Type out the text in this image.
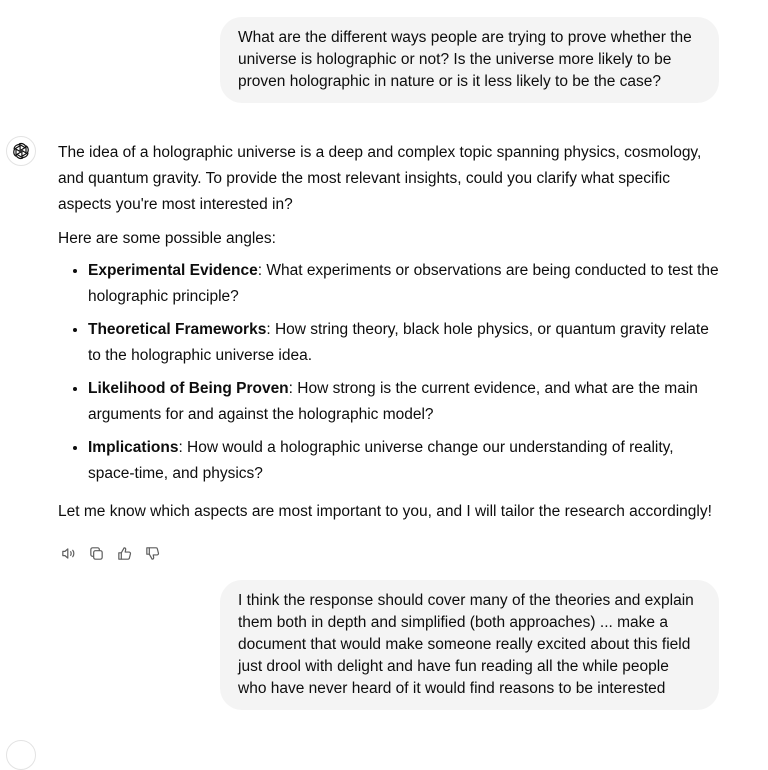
What are the different ways people are trying to prove whether the universe is holographic or not? Is the universe more likely to be proven holographic in nature or is it less likely to be the case?

The idea of a holographic universe is a deep and complex topic spanning physics, cosmology, and quantum gravity. To provide the most relevant insights, could you clarify what specific aspects you're most interested in?

Here are some possible angles:

• Experimental Evidence: What experiments or observations are being conducted to test the holographic principle?
• Theoretical Frameworks: How string theory, black hole physics, or quantum gravity relate to the holographic universe idea.
• Likelihood of Being Proven: How strong is the current evidence, and what are the main arguments for and against the holographic model?
• Implications: How would a holographic universe change our understanding of reality, space-time, and physics?

Let me know which aspects are most important to you, and I will tailor the research accordingly!

I think the response should cover many of the theories and explain them both in depth and simplified (both approaches) ... make a document that would make someone really excited about this field just drool with delight and have fun reading all the while people who have never heard of it would find reasons to be interested
